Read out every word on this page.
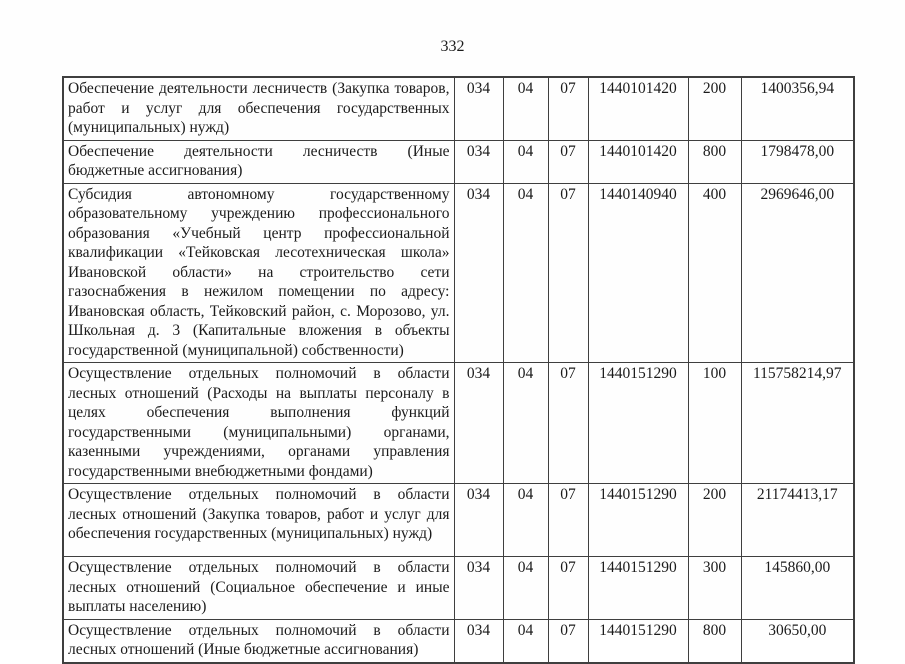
332
Обеспечение деятельности лесничеств (Закупка товаров, работ и услуг для обеспечения государственных (муниципальных) нужд)	034	04	07	1440101420	200	1400356,94
Обеспечение деятельности лесничеств (Иные бюджетные ассигнования)	034	04	07	1440101420	800	1798478,00
Субсидия автономному государственному образовательному учреждению профессионального образования «Учебный центр профессиональной квалификации «Тейковская лесотехническая школа» Ивановской области» на строительство сети газоснабжения в нежилом помещении по адресу: Ивановская область, Тейковский район, с. Морозово, ул. Школьная д. 3 (Капитальные вложения в объекты государственной (муниципальной) собственности)	034	04	07	1440140940	400	2969646,00
Осуществление отдельных полномочий в области лесных отношений (Расходы на выплаты персоналу в целях обеспечения выполнения функций государственными (муниципальными) органами, казенными учреждениями, органами управления государственными внебюджетными фондами)	034	04	07	1440151290	100	115758214,97
Осуществление отдельных полномочий в области лесных отношений (Закупка товаров, работ и услуг для обеспечения государственных (муниципальных) нужд)	034	04	07	1440151290	200	21174413,17
Осуществление отдельных полномочий в области лесных отношений (Социальное обеспечение и иные выплаты населению)	034	04	07	1440151290	300	145860,00
Осуществление отдельных полномочий в области лесных отношений (Иные бюджетные ассигнования)	034	04	07	1440151290	800	30650,00
